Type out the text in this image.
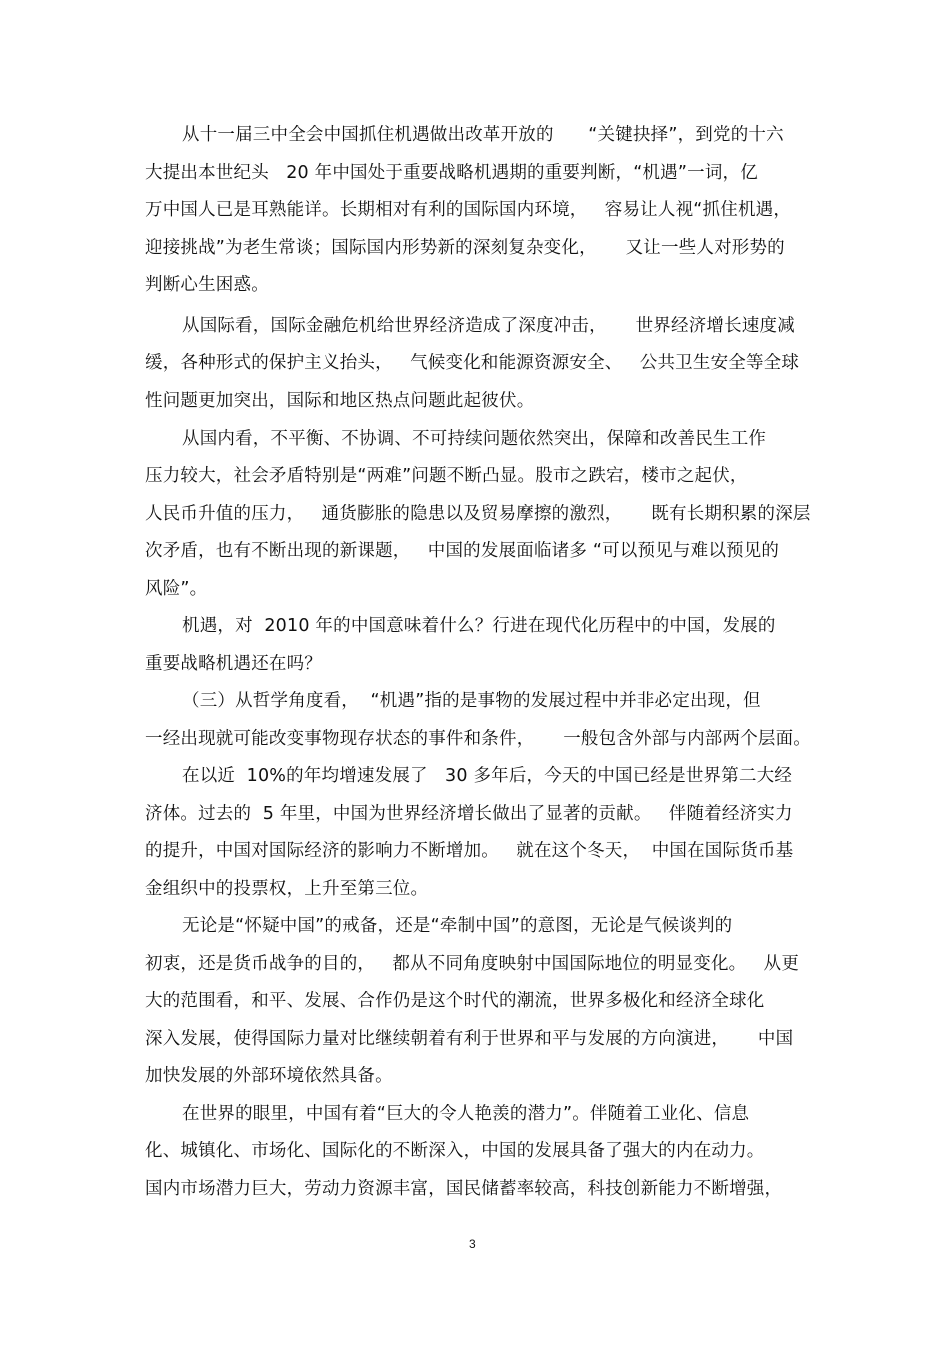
从十一届三中全会中国抓住机遇做出改革开放的      “关键抉择”，到党的十六
大提出本世纪头   20 年中国处于重要战略机遇期的重要判断，“机遇”一词，亿
万中国人已是耳熟能详。长期相对有利的国际国内环境，   容易让人视“抓住机遇，
迎接挑战”为老生常谈；国际国内形势新的深刻复杂变化，     又让一些人对形势的
判断心生困惑。
从国际看，国际金融危机给世界经济造成了深度冲击，     世界经济增长速度减
缓，各种形式的保护主义抬头，   气候变化和能源资源安全、   公共卫生安全等全球
性问题更加突出，国际和地区热点问题此起彼伏。
从国内看，不平衡、不协调、不可持续问题依然突出，保障和改善民生工作
压力较大，社会矛盾特别是“两难”问题不断凸显。股市之跌宕，楼市之起伏，
人民币升值的压力，   通货膨胀的隐患以及贸易摩擦的激烈，     既有长期积累的深层
次矛盾，也有不断出现的新课题，   中国的发展面临诸多 “可以预见与难以预见的
风险”。
机遇，对  2010 年的中国意味着什么？行进在现代化历程中的中国，发展的
重要战略机遇还在吗？
（三）从哲学角度看，  “机遇”指的是事物的发展过程中并非必定出现，但
一经出现就可能改变事物现存状态的事件和条件，     一般包含外部与内部两个层面。
在以近  10%的年均增速发展了   30 多年后，今天的中国已经是世界第二大经
济体。过去的  5 年里，中国为世界经济增长做出了显著的贡献。   伴随着经济实力
的提升，中国对国际经济的影响力不断增加。   就在这个冬天，  中国在国际货币基
金组织中的投票权，上升至第三位。
无论是“怀疑中国”的戒备，还是“牵制中国”的意图，无论是气候谈判的
初衷，还是货币战争的目的，   都从不同角度映射中国国际地位的明显变化。   从更
大的范围看，和平、发展、合作仍是这个时代的潮流，世界多极化和经济全球化
深入发展，使得国际力量对比继续朝着有利于世界和平与发展的方向演进，     中国
加快发展的外部环境依然具备。
在世界的眼里，中国有着“巨大的令人艳羡的潜力”。伴随着工业化、信息
化、城镇化、市场化、国际化的不断深入，中国的发展具备了强大的内在动力。
国内市场潜力巨大，劳动力资源丰富，国民储蓄率较高，科技创新能力不断增强，
3
